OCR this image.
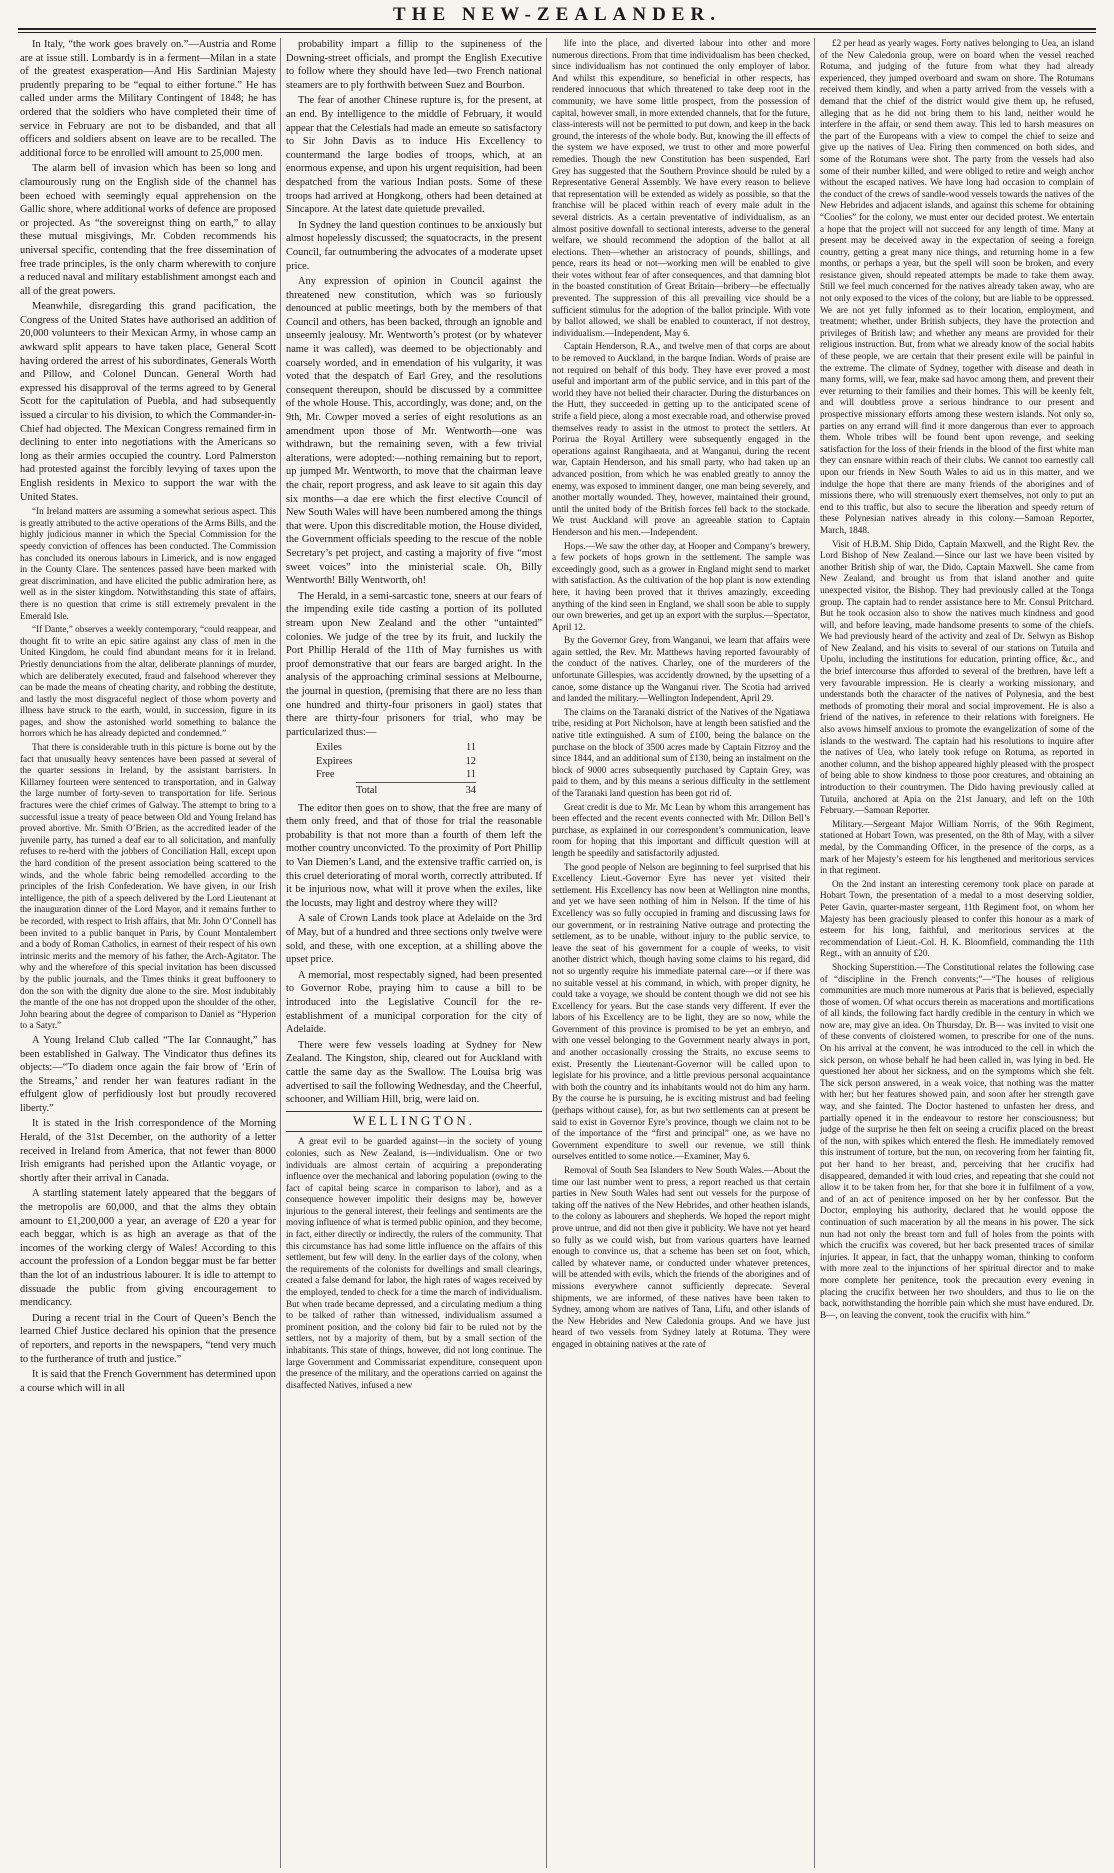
THE NEW-ZEALANDER.

In Italy, “the work goes bravely on.”—Austria and Rome are at issue still. Lombardy is in a ferment—Milan in a state of the greatest exasperation—And His Sardinian Majesty prudently preparing to be “equal to either fortune.” He has called under arms the Military Contingent of 1848; he has ordered that the soldiers who have completed their time of service in February are not to be disbanded, and that all officers and soldiers absent on leave are to be recalled. The additional force to be enrolled will amount to 25,000 men.

The alarm bell of invasion which has been so long and clamourously rung on the English side of the channel has been echoed with seemingly equal apprehension on the Gallic shore, where additional works of defence are proposed or projected. As “the sovereignst thing on earth,” to allay these mutual misgivings, Mr. Cobden recommends his universal specific, contending that the free dissemination of free trade principles, is the only charm wherewith to conjure a reduced naval and military establishment amongst each and all of the great powers.

Meanwhile, disregarding this grand pacification, the Congress of the United States have authorised an addition of 20,000 volunteers to their Mexican Army, in whose camp an awkward split appears to have taken place, General Scott having ordered the arrest of his subordinates, Generals Worth and Pillow, and Colonel Duncan. General Worth had expressed his disapproval of the terms agreed to by General Scott for the capitulation of Puebla, and had subsequently issued a circular to his division, to which the Commander-in-Chief had objected. The Mexican Congress remained firm in declining to enter into negotiations with the Americans so long as their armies occupied the country. Lord Palmerston had protested against the forcibly levying of taxes upon the English residents in Mexico to support the war with the United States.

“In Ireland matters are assuming a somewhat serious aspect. This is greatly attributed to the active operations of the Arms Bills, and the highly judicious manner in which the Special Commission for the speedy conviction of offences has been conducted. The Commission has concluded its onerous labours in Limerick, and is now engaged in the County Clare. The sentences passed have been marked with great discrimination, and have elicited the public admiration here, as well as in the sister kingdom. Notwithstanding this state of affairs, there is no question that crime is still extremely prevalent in the Emerald Isle.

“If Dante,” observes a weekly contemporary, “could reappear, and thought fit to write an epic satire against any class of men in the United Kingdom, he could find abundant means for it in Ireland. Priestly denunciations from the altar, deliberate plannings of murder, which are deliberately executed, fraud and falsehood wherever they can be made the means of cheating charity, and robbing the destitute, and lastly the most disgraceful neglect of those whom poverty and illness have struck to the earth, would, in succession, figure in its pages, and show the astonished world something to balance the horrors which he has already depicted and condemned.”

That there is considerable truth in this picture is borne out by the fact that unusually heavy sentences have been passed at several of the quarter sessions in Ireland, by the assistant barristers. In Killarney fourteen were sentenced to transportation, and in Galway the large number of forty-seven to transportation for life. Serious fractures were the chief crimes of Galway. The attempt to bring to a successful issue a treaty of peace between Old and Young Ireland has proved abortive. Mr. Smith O’Brien, as the accredited leader of the juvenile party, has turned a deaf ear to all solicitation, and manfully refuses to re-herd with the jobbers of Conciliation Hall, except upon the hard condition of the present association being scattered to the winds, and the whole fabric being remodelled according to the principles of the Irish Confederation. We have given, in our Irish intelligence, the pith of a speech delivered by the Lord Lieutenant at the inauguration dinner of the Lord Mayor, and it remains further to be recorded, with respect to Irish affairs, that Mr. John O’Connell has been invited to a public banquet in Paris, by Count Montalembert and a body of Roman Catholics, in earnest of their respect of his own intrinsic merits and the memory of his father, the Arch-Agitator. The why and the wherefore of this special invitation has been discussed by the public journals, and the Times thinks it great buffoonery to don the son with the dignity due alone to the sire. Most indubitably the mantle of the one has not dropped upon the shoulder of the other, John bearing about the degree of comparison to Daniel as “Hyperion to a Satyr.”

A Young Ireland Club called “The Iar Connaught,” has been established in Galway. The Vindicator thus defines its objects:—“To diadem once again the fair brow of ‘Erin of the Streams,’ and render her wan features radiant in the effulgent glow of perfidiously lost but proudly recovered liberty.”

It is stated in the Irish correspondence of the Morning Herald, of the 31st December, on the authority of a letter received in Ireland from America, that not fewer than 8000 Irish emigrants had perished upon the Atlantic voyage, or shortly after their arrival in Canada.

A startling statement lately appeared that the beggars of the metropolis are 60,000, and that the alms they obtain amount to £1,200,000 a year, an average of £20 a year for each beggar, which is as high an average as that of the incomes of the working clergy of Wales! According to this account the profession of a London beggar must be far better than the lot of an industrious labourer. It is idle to attempt to dissuade the public from giving encouragement to mendicancy.

During a recent trial in the Court of Queen’s Bench the learned Chief Justice declared his opinion that the presence of reporters, and reports in the newspapers, “tend very much to the furtherance of truth and justice.”

It is said that the French Government has determined upon a course which will in all

probability impart a fillip to the supineness of the Downing-street officials, and prompt the English Executive to follow where they should have led—two French national steamers are to ply forthwith between Suez and Bourbon.

The fear of another Chinese rupture is, for the present, at an end. By intelligence to the middle of February, it would appear that the Celestials had made an emeute so satisfactory to Sir John Davis as to induce His Excellency to countermand the large bodies of troops, which, at an enormous expense, and upon his urgent requisition, had been despatched from the various Indian posts. Some of these troops had arrived at Hongkong, others had been detained at Sincapore. At the latest date quietude prevailed.

In Sydney the land question continues to be anxiously but almost hopelessly discussed; the squatocracts, in the present Council, far outnumbering the advocates of a moderate upset price.

Any expression of opinion in Council against the threatened new constitution, which was so furiously denounced at public meetings, both by the members of that Council and others, has been backed, through an ignoble and unseemly jealousy. Mr. Wentworth’s protest (or by whatever name it was called), was deemed to be objectionably and coarsely worded, and in emendation of his vulgarity, it was voted that the despatch of Earl Grey, and the resolutions consequent thereupon, should be discussed by a committee of the whole House. This, accordingly, was done; and, on the 9th, Mr. Cowper moved a series of eight resolutions as an amendment upon those of Mr. Wentworth—one was withdrawn, but the remaining seven, with a few trivial alterations, were adopted:—nothing remaining but to report, up jumped Mr. Wentworth, to move that the chairman leave the chair, report progress, and ask leave to sit again this day six months—a dae ere which the first elective Council of New South Wales will have been numbered among the things that were. Upon this discreditable motion, the House divided, the Government officials speeding to the rescue of the noble Secretary’s pet project, and casting a majority of five “most sweet voices” into the ministerial scale. Oh, Billy Wentworth! Billy Wentworth, oh!

The Herald, in a semi-sarcastic tone, sneers at our fears of the impending exile tide casting a portion of its polluted stream upon New Zealand and the other “untainted” colonies. We judge of the tree by its fruit, and luckily the Port Phillip Herald of the 11th of May furnishes us with proof demonstrative that our fears are barged aright. In the analysis of the approaching criminal sessions at Melbourne, the journal in question, (premising that there are no less than one hundred and thirty-four prisoners in gaol) states that there are thirty-four prisoners for trial, who may be particularized thus:—

Exiles	11
Expirees	12
Free	11
Total	34

The editor then goes on to show, that the free are many of them only freed, and that of those for trial the reasonable probability is that not more than a fourth of them left the mother country unconvicted. To the proximity of Port Phillip to Van Diemen’s Land, and the extensive traffic carried on, is this cruel deteriorating of moral worth, correctly attributed. If it be injurious now, what will it prove when the exiles, like the locusts, may light and destroy where they will?

A sale of Crown Lands took place at Adelaide on the 3rd of May, but of a hundred and three sections only twelve were sold, and these, with one exception, at a shilling above the upset price.

A memorial, most respectably signed, had been presented to Governor Robe, praying him to cause a bill to be introduced into the Legislative Council for the re-establishment of a municipal corporation for the city of Adelaide.

There were few vessels loading at Sydney for New Zealand. The Kingston, ship, cleared out for Auckland with cattle the same day as the Swallow. The Louisa brig was advertised to sail the following Wednesday, and the Cheerful, schooner, and William Hill, brig, were laid on.

WELLINGTON.

A great evil to be guarded against—in the society of young colonies, such as New Zealand, is—individualism. One or two individuals are almost certain of acquiring a preponderating influence over the mechanical and laboring population (owing to the fact of capital being scarce in comparison to labor), and as a consequence however impolitic their designs may be, however injurious to the general interest, their feelings and sentiments are the moving influence of what is termed public opinion, and they become, in fact, either directly or indirectly, the rulers of the community. That this circumstance has had some little influence on the affairs of this settlement, but few will deny. In the earlier days of the colony, when the requirements of the colonists for dwellings and small clearings, created a false demand for labor, the high rates of wages received by the employed, tended to check for a time the march of individualism. But when trade became depressed, and a circulating medium a thing to be talked of rather than witnessed, individualism assumed a prominent position, and the colony bid fair to be ruled not by the settlers, not by a majority of them, but by a small section of the inhabitants. This state of things, however, did not long continue. The large Government and Commissariat expenditure, consequent upon the presence of the military, and the operations carried on against the disaffected Natives, infused a new

life into the place, and diverted labour into other and more numerous directions. From that time individualism has been checked, since individualism has not continued the only employer of labor. And whilst this expenditure, so beneficial in other respects, has rendered innocuous that which threatened to take deep root in the community, we have some little prospect, from the possession of capital, however small, in more extended channels, that for the future, class-interests will not be permitted to put down, and keep in the back ground, the interests of the whole body. But, knowing the ill effects of the system we have exposed, we trust to other and more powerful remedies. Though the new Constitution has been suspended, Earl Grey has suggested that the Southern Province should be ruled by a Representative General Assembly. We have every reason to believe that representation will be extended as widely as possible, so that the franchise will be placed within reach of every male adult in the several districts. As a certain preventative of individualism, as an almost positive downfall to sectional interests, adverse to the general welfare, we should recommend the adoption of the ballot at all elections. Then—whether an aristocracy of pounds, shillings, and pence, rears its head or not—working men will be enabled to give their votes without fear of after consequences, and that damning blot in the boasted constitution of Great Britain—bribery—be effectually prevented. The suppression of this all prevailing vice should be a sufficient stimulus for the adoption of the ballot principle. With vote by ballot allowed, we shall be enabled to counteract, if not destroy, individualism.—Independent, May 6.

Captain Henderson, R.A., and twelve men of that corps are about to be removed to Auckland, in the barque Indian. Words of praise are not required on behalf of this body. They have ever proved a most useful and important arm of the public service, and in this part of the world they have not belied their character. During the disturbances on the Hutt, they succeeded in getting up to the anticipated scene of strife a field piece, along a most execrable road, and otherwise proved themselves ready to assist in the utmost to protect the settlers. At Porirua the Royal Artillery were subsequently engaged in the operations against Rangihaeata, and at Wanganui, during the recent war, Captain Henderson, and his small party, who had taken up an advanced position, from which he was enabled greatly to annoy the enemy, was exposed to imminent danger, one man being severely, and another mortally wounded. They, however, maintained their ground, until the united body of the British forces fell back to the stockade. We trust Auckland will prove an agreeable station to Captain Henderson and his men.—Independent.

Hops.—We saw the other day, at Hooper and Company’s brewery, a few pockets of hops grown in the settlement. The sample was exceedingly good, such as a grower in England might send to market with satisfaction. As the cultivation of the hop plant is now extending here, it having been proved that it thrives amazingly, exceeding anything of the kind seen in England, we shall soon be able to supply our own breweries, and get up an export with the surplus.—Spectator, April 12.

By the Governor Grey, from Wanganui, we learn that affairs were again settled, the Rev. Mr. Matthews having reported favourably of the conduct of the natives. Charley, one of the murderers of the unfortunate Gillespies, was accidently drowned, by the upsetting of a canoe, some distance up the Wanganui river. The Scotia had arrived and landed the military.—Wellington Independent, April 29.

The claims on the Taranaki district of the Natives of the Ngatiawa tribe, residing at Port Nicholson, have at length been satisfied and the native title extinguished. A sum of £100, being the balance on the purchase on the block of 3500 acres made by Captain Fitzroy and the since 1844, and an additional sum of £130, being an instalment on the block of 9000 acres subsequently purchased by Captain Grey, was paid to them, and by this means a serious difficulty in the settlement of the Taranaki land question has been got rid of.

Great credit is due to Mr. Mc Lean by whom this arrangement has been effected and the recent events connected with Mr. Dillon Bell’s purchase, as explained in our correspondent’s communication, leave room for hoping that this important and difficult question will at length be speedily and satisfactorily adjusted.

The good people of Nelson are beginning to feel surprised that his Excellency Lieut.-Governor Eyre has never yet visited their settlement. His Excellency has now been at Wellington nine months, and yet we have seen nothing of him in Nelson. If the time of his Excellency was so fully occupied in framing and discussing laws for our government, or in restraining Native outrage and protecting the settlement, as to be unable, without injury to the public service, to leave the seat of his government for a couple of weeks, to visit another district which, though having some claims to his regard, did not so urgently require his immediate paternal care—or if there was no suitable vessel at his command, in which, with proper dignity, he could take a voyage, we should be content though we did not see his Excellency for years. But the case stands very different. If ever the labors of his Excellency are to be light, they are so now, while the Government of this province is promised to be yet an embryo, and with one vessel belonging to the Government nearly always in port, and another occasionally crossing the Straits, no excuse seems to exist. Presently the Lieutenant-Governor will be called upon to legislate for his province, and a little previous personal acquaintance with both the country and its inhabitants would not do him any harm. By the course he is pursuing, he is exciting mistrust and bad feeling (perhaps without cause), for, as but two settlements can at present be said to exist in Governor Eyre’s province, though we claim not to be of the importance of the “first and principal” one, as we have no Government expenditure to swell our revenue, we still think ourselves entitled to some notice.—Examiner, May 6.

Removal of South Sea Islanders to New South Wales.—About the time our last number went to press, a report reached us that certain parties in New South Wales had sent out vessels for the purpose of taking off the natives of the New Hebrides, and other heathen islands, to the colony as labourers and shepherds. We hoped the report might prove untrue, and did not then give it publicity. We have not yet heard so fully as we could wish, but from various quarters have learned enough to convince us, that a scheme has been set on foot, which, called by whatever name, or conducted under whatever pretences, will be attended with evils, which the friends of the aborigines and of missions everywhere cannot sufficiently deprecate. Several shipments, we are informed, of these natives have been taken to Sydney, among whom are natives of Tana, Lifu, and other islands of the New Hebrides and New Caledonia groups. And we have just heard of two vessels from Sydney lately at Rotuma. They were engaged in obtaining natives at the rate of

£2 per head as yearly wages. Forty natives belonging to Uea, an island of the New Caledonia group, were on board when the vessel reached Rotuma, and judging of the future from what they had already experienced, they jumped overboard and swam on shore. The Rotumans received them kindly, and when a party arrived from the vessels with a demand that the chief of the district would give them up, he refused, alleging that as he did not bring them to his land, neither would he interfere in the affair, or send them away. This led to harsh measures on the part of the Europeans with a view to compel the chief to seize and give up the natives of Uea. Firing then commenced on both sides, and some of the Rotumans were shot. The party from the vessels had also some of their number killed, and were obliged to retire and weigh anchor without the escaped natives. We have long had occasion to complain of the conduct of the crews of sandle-wood vessels towards the natives of the New Hebrides and adjacent islands, and against this scheme for obtaining “Coolies” for the colony, we must enter our decided protest. We entertain a hope that the project will not succeed for any length of time. Many at present may be deceived away in the expectation of seeing a foreign country, getting a great many nice things, and returning home in a few months, or perhaps a year, but the spell will soon be broken, and every resistance given, should repeated attempts be made to take them away. Still we feel much concerned for the natives already taken away, who are not only exposed to the vices of the colony, but are liable to be oppressed. We are not yet fully informed as to their location, employment, and treatment; whether, under British subjects, they have the protection and privileges of British law; and whether any means are provided for their religious instruction. But, from what we already know of the social habits of these people, we are certain that their present exile will be painful in the extreme. The climate of Sydney, together with disease and death in many forms, will, we fear, make sad havoc among them, and prevent their ever returning to their families and their homes. This will be keenly felt, and will doubtless prove a serious hindrance to our present and prospective missionary efforts among these western islands. Not only so, parties on any errand will find it more dangerous than ever to approach them. Whole tribes will be found bent upon revenge, and seeking satisfaction for the loss of their friends in the blood of the first white man they can ensnare within reach of their clubs. We cannot too earnestly call upon our friends in New South Wales to aid us in this matter, and we indulge the hope that there are many friends of the aborigines and of missions there, who will strenuously exert themselves, not only to put an end to this traffic, but also to secure the liberation and speedy return of these Polynesian natives already in this colony.—Samoan Reporter, March, 1848.

Visit of H.B.M. Ship Dido, Captain Maxwell, and the Right Rev. the Lord Bishop of New Zealand.—Since our last we have been visited by another British ship of war, the Dido, Captain Maxwell. She came from New Zealand, and brought us from that island another and quite unexpected visitor, the Bishop. They had previously called at the Tonga group. The captain had to render assistance here to Mr. Consul Pritchard. But he took occasion also to show the natives much kindness and good will, and before leaving, made handsome presents to some of the chiefs. We had previously heard of the activity and zeal of Dr. Selwyn as Bishop of New Zealand, and his visits to several of our stations on Tutuila and Upolu, including the institutions for education, printing office, &c., and the brief intercourse thus afforded to several of the brethren, have left a very favourable impression. He is clearly a working missionary, and understands both the character of the natives of Polynesia, and the best methods of promoting their moral and social improvement. He is also a friend of the natives, in reference to their relations with foreigners. He also avows himself anxious to promote the evangelization of some of the islands to the westward. The captain had his resolutions to inquire after the natives of Uea, who lately took refuge on Rotuma, as reported in another column, and the bishop appeared highly pleased with the prospect of being able to show kindness to those poor creatures, and obtaining an introduction to their countrymen. The Dido having previously called at Tutuila, anchored at Apia on the 21st January, and left on the 10th February.—Samoan Reporter.

Military.—Sergeant Major William Norris, of the 96th Regiment, stationed at Hobart Town, was presented, on the 8th of May, with a silver medal, by the Commanding Officer, in the presence of the corps, as a mark of her Majesty’s esteem for his lengthened and meritorious services in that regiment.

On the 2nd instant an interesting ceremony took place on parade at Hobart Town, the presentation of a medal to a most deserving soldier, Peter Gavin, quarter-master sergeant, 11th Regiment foot, on whom her Majesty has been graciously pleased to confer this honour as a mark of esteem for his long, faithful, and meritorious services at the recommendation of Lieut.-Col. H. K. Bloomfield, commanding the 11th Regt., with an annuity of £20.

Shocking Superstition.—The Constitutional relates the following case of “discipline in the French convents;”—“The houses of religious communities are much more numerous at Paris that is believed, especially those of women. Of what occurs therein as macerations and mortifications of all kinds, the following fact hardly credible in the century in which we now are, may give an idea. On Thursday, Dr. B— was invited to visit one of these convents of cloistered women, to prescribe for one of the nuns. On his arrival at the convent, he was introduced to the cell in which the sick person, on whose behalf he had been called in, was lying in bed. He questioned her about her sickness, and on the symptoms which she felt. The sick person answered, in a weak voice, that nothing was the matter with her; but her features showed pain, and soon after her strength gave way, and she fainted. The Doctor hastened to unfasten her dress, and partially opened it in the endeavour to restore her consciousness; but judge of the surprise he then felt on seeing a crucifix placed on the breast of the nun, with spikes which entered the flesh. He immediately removed this instrument of torture, but the nun, on recovering from her fainting fit, put her hand to her breast, and, perceiving that her crucifix had disappeared, demanded it with loud cries, and repeating that she could not allow it to be taken from her, for that she bore it in fulfilment of a vow, and of an act of penitence imposed on her by her confessor. But the Doctor, employing his authority, declared that he would oppose the continuation of such maceration by all the means in his power. The sick nun had not only the breast torn and full of holes from the points with which the crucifix was covered, but her back presented traces of similar injuries. It appear, in fact, that the unhappy woman, thinking to conform with more zeal to the injunctions of her spiritual director and to make more complete her penitence, took the precaution every evening in placing the crucifix between her two shoulders, and thus to lie on the back, notwithstanding the horrible pain which she must have endured. Dr. B—, on leaving the convent, took the crucifix with him.”
